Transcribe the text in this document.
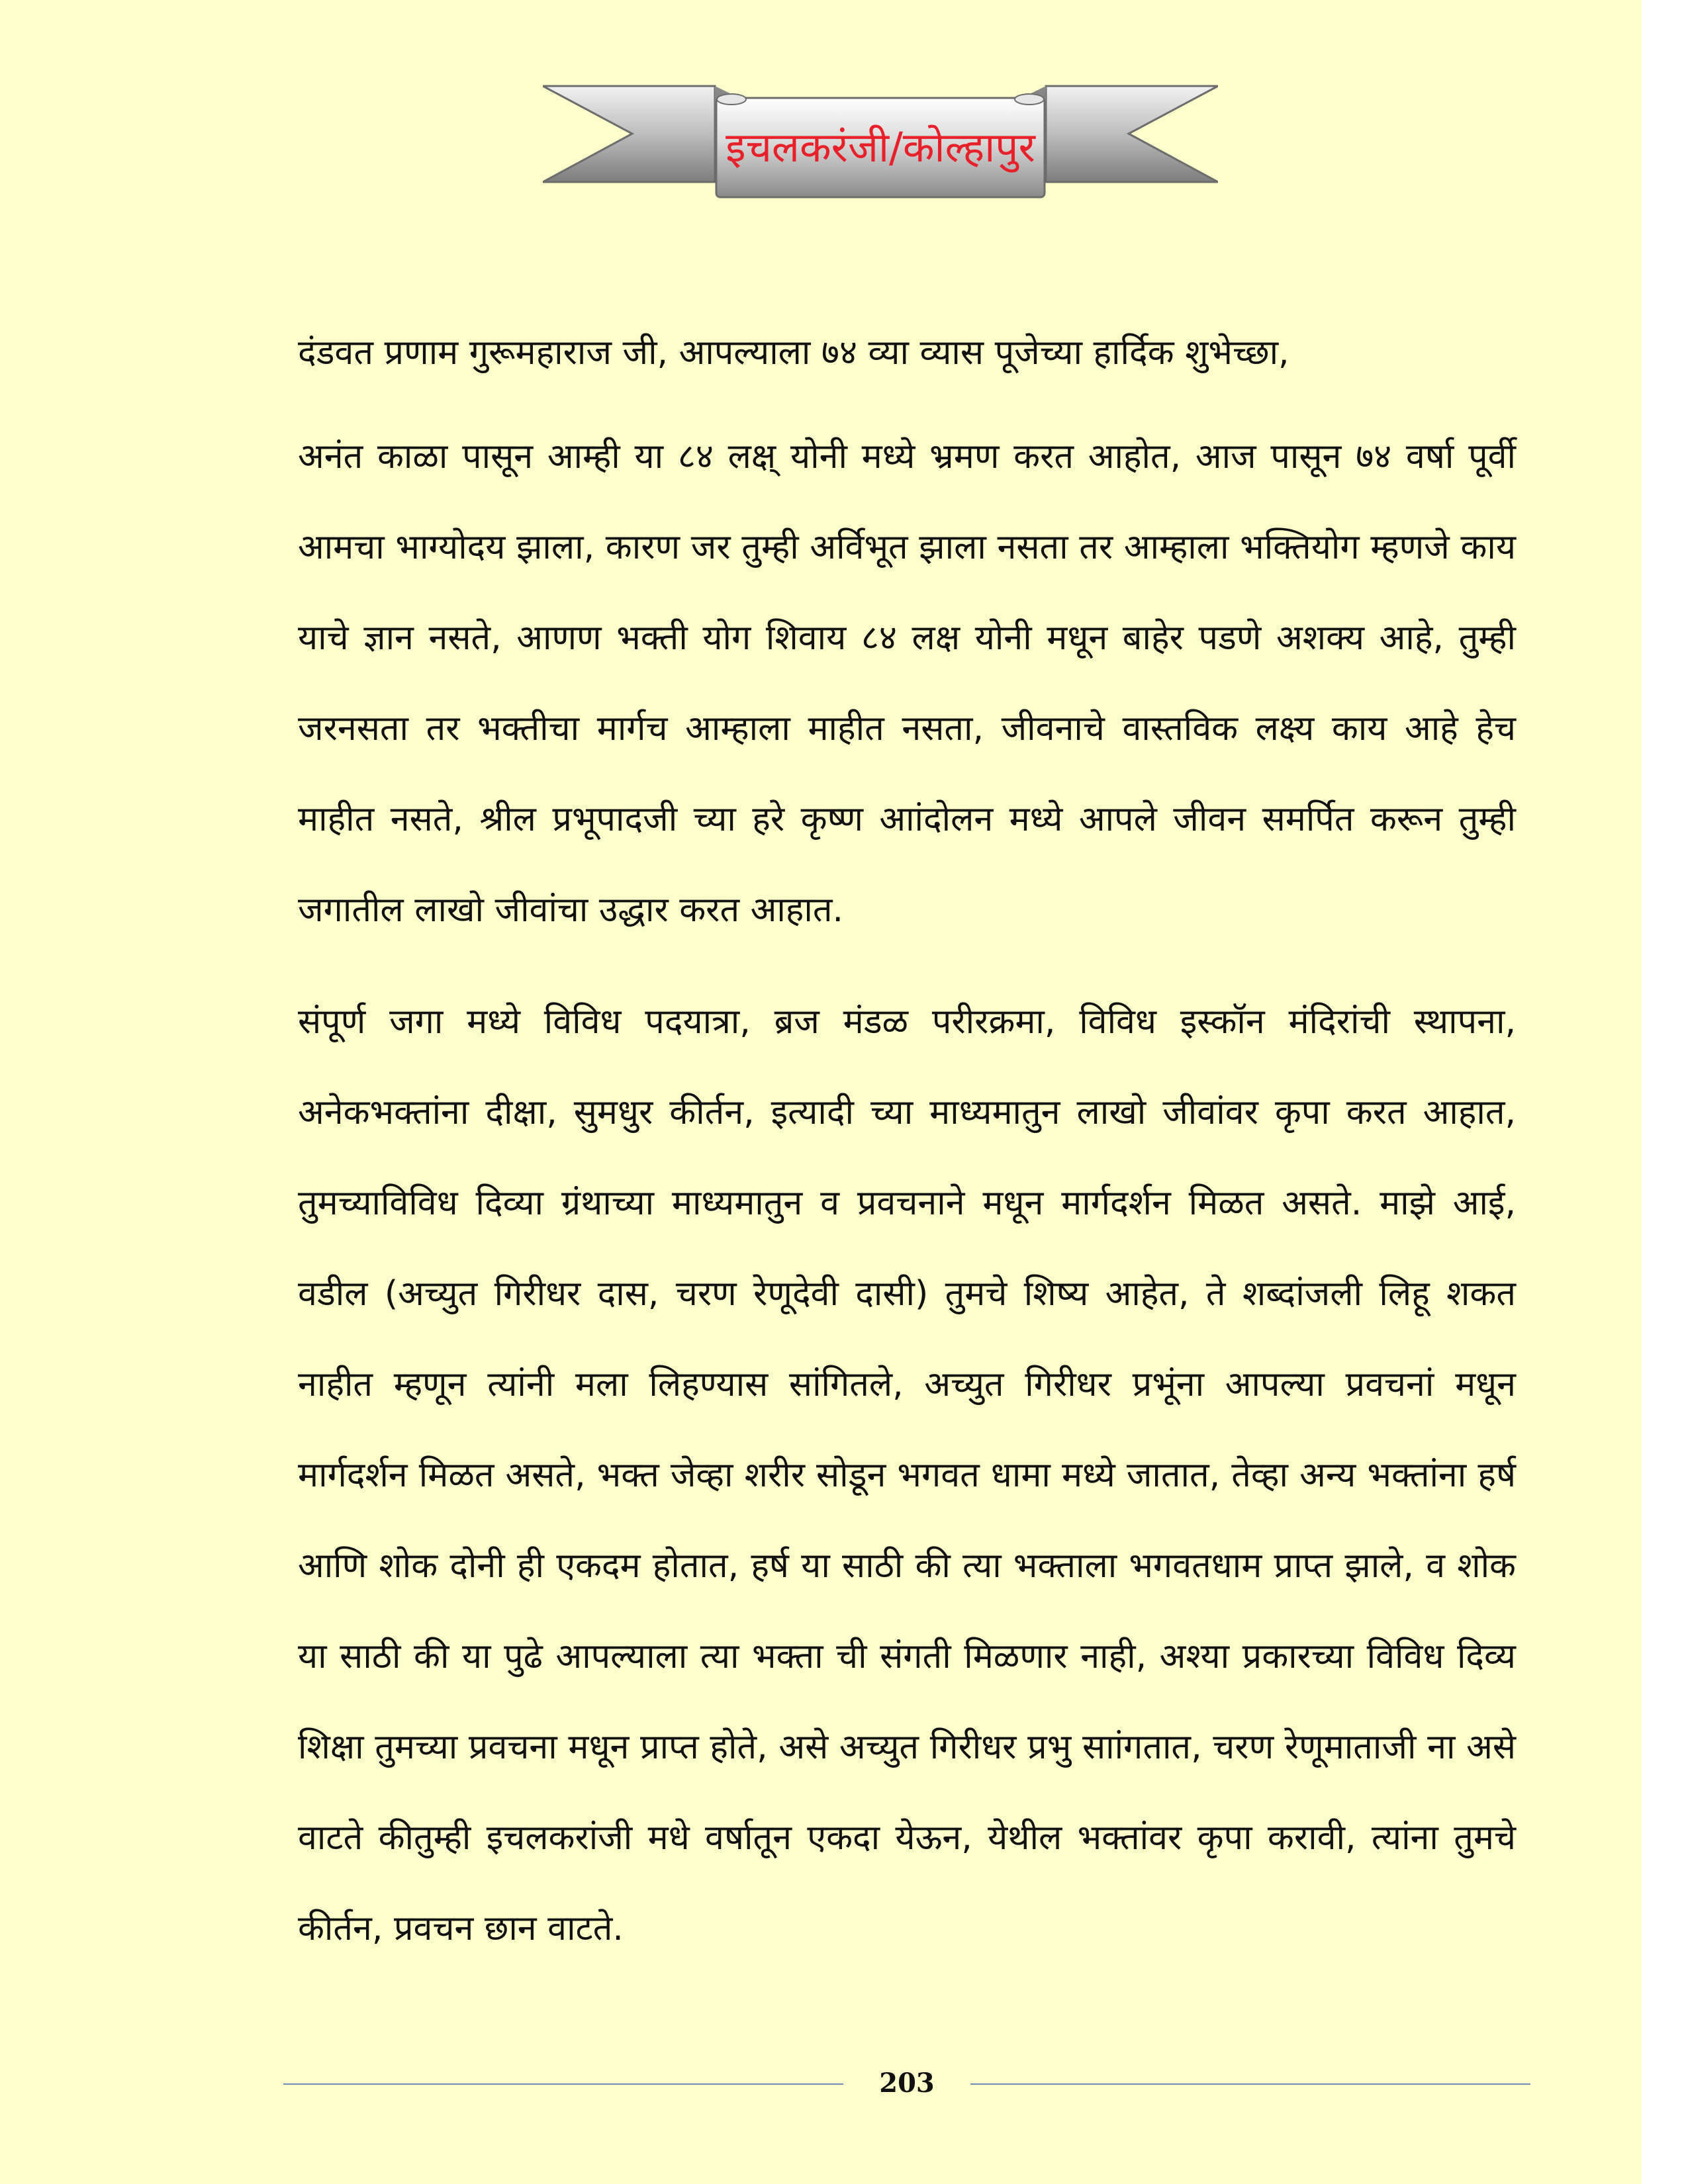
इचलकरंजी/कोल्हापुर

दंडवत प्रणाम गुरूमहाराज जी, आपल्याला ७४ व्या व्यास पूजेच्या हार्दिक शुभेच्छा,

अनंत काळा पासून आम्ही या ८४ लक्ष् योनी मध्ये भ्रमण करत आहोत, आज पासून ७४ वर्षा पूर्वी आमचा भाग्योदय झाला, कारण जर तुम्ही अर्विभूत झाला नसता तर आम्हाला भक्तियोग म्हणजे काय याचे ज्ञान नसते, आणण भक्ती योग शिवाय ८४ लक्ष योनी मधून बाहेर पडणे अशक्य आहे, तुम्ही जरनसता तर भक्तीचा मार्गच आम्हाला माहीत नसता, जीवनाचे वास्तविक लक्ष्य काय आहे हेच माहीत नसते, श्रील प्रभूपादजी च्या हरे कृष्ण आांदोलन मध्ये आपले जीवन समर्पित करून तुम्ही जगातील लाखो जीवांचा उद्धार करत आहात.

संपूर्ण जगा मध्ये विविध पदयात्रा, ब्रज मंडळ परीरक्रमा, विविध इस्कॉन मंदिरांची स्थापना, अनेकभक्तांना दीक्षा, सुमधुर कीर्तन, इत्यादी च्या माध्यमातुन लाखो जीवांवर कृपा करत आहात, तुमच्याविविध दिव्या ग्रंथाच्या माध्यमातुन व प्रवचनाने मधून मार्गदर्शन मिळत असते. माझे आई, वडील (अच्युत गिरीधर दास, चरण रेणूदेवी दासी) तुमचे शिष्य आहेत, ते शब्दांजली लिहू शकत नाहीत म्हणून त्यांनी मला लिहण्यास सांगितले, अच्युत गिरीधर प्रभूंना आपल्या प्रवचनां मधून मार्गदर्शन मिळत असते, भक्त जेव्हा शरीर सोडून भगवत धामा मध्ये जातात, तेव्हा अन्य भक्तांना हर्ष आणि शोक दोनी ही एकदम होतात, हर्ष या साठी की त्या भक्ताला भगवतधाम प्राप्त झाले, व शोक या साठी की या पुढे आपल्याला त्या भक्ता ची संगती मिळणार नाही, अश्या प्रकारच्या विविध दिव्य शिक्षा तुमच्या प्रवचना मधून प्राप्त होते, असे अच्युत गिरीधर प्रभु साांगतात, चरण रेणूमाताजी ना असे वाटते कीतुम्ही इचलकरांजी मधे वर्षातून एकदा येऊन, येथील भक्तांवर कृपा करावी, त्यांना तुमचे कीर्तन, प्रवचन छान वाटते.

203
